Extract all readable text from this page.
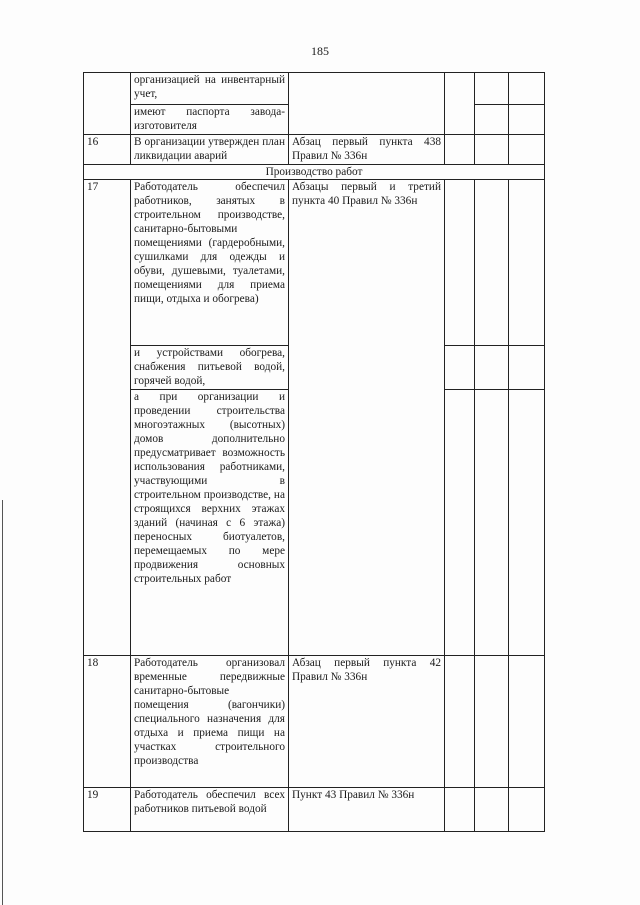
185
	организацией на инвентарный учет,				
	имеют паспорта завода-изготовителя				
16	В организации утвержден план ликвидации аварий	Абзац первый пункта 438 Правил № 336н			
Производство работ					
17	Работодатель обеспечил работников, занятых в строительном производстве, санитарно-бытовыми помещениями (гардеробными, сушилками для одежды и обуви, душевыми, туалетами, помещениями для приема пищи, отдыха и обогрева)	Абзацы первый и третий пункта 40 Правил № 336н			
	и устройствами обогрева, снабжения питьевой водой, горячей водой,				
	а при организации и проведении строительства многоэтажных (высотных) домов дополнительно предусматривает возможность использования работниками, участвующими в строительном производстве, на строящихся верхних этажах зданий (начиная с 6 этажа) переносных биотуалетов, перемещаемых по мере продвижения основных строительных работ				
18	Работодатель организовал временные передвижные санитарно-бытовые помещения (вагончики) специального назначения для отдыха и приема пищи на участках строительного производства	Абзац первый пункта 42 Правил № 336н			
19	Работодатель обеспечил всех работников питьевой водой	Пункт 43 Правил № 336н			
